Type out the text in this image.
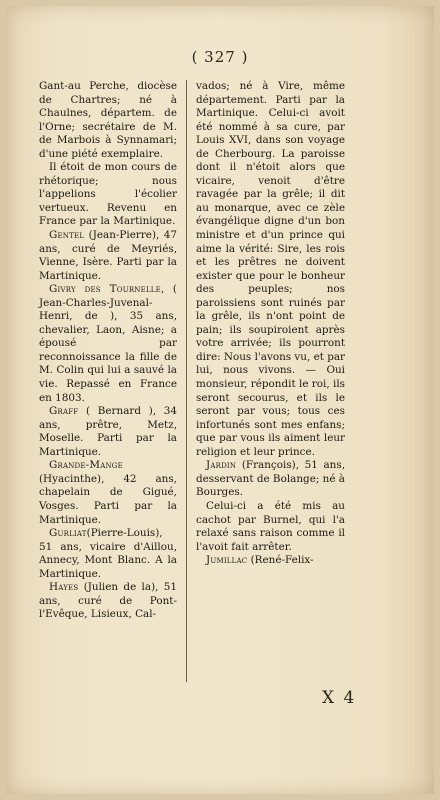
( 327 )

Gant-au Perche, diocèse de Chartres; né à Chaulnes, départem. de l'Orne; secrétaire de M. de Marbois à Synnamari; d'une piété exemplaire.

Il étoit de mon cours de rhétorique; nous l'appelions l'écolier vertueux. Revenu en France par la Martinique.

Gentel (Jean-Pierre), 47 ans, curé de Meyriés, Vienne, Isère. Parti par la Martinique.

Givry des Tournelle, ( Jean-Charles-Juvenal-Henri, de ), 35 ans, chevalier, Laon, Aisne; a épousé par reconnoissance la fille de M. Colin qui lui a sauvé la vie. Repassé en France en 1803.

Graff ( Bernard ), 34 ans, prêtre, Metz, Moselle. Parti par la Martinique.

Grande-Mange (Hyacinthe), 42 ans, chapelain de Gigué, Vosges. Parti par la Martinique.

Gurliat(Pierre-Louis), 51 ans, vicaire d'Aillou, Annecy, Mont Blanc. A la Martinique.

Hayes (Julien de la), 51 ans, curé de Pont-l'Evêque, Lisieux, Cal-

vados; né à Vire, même département. Parti par la Martinique. Celui-ci avoit été nommé à sa cure, par Louis XVI, dans son voyage de Cherbourg. La paroisse dont il n'étoit alors que vicaire, venoit d'être ravagée par la grêle; il dit au monarque, avec ce zèle évangélique digne d'un bon ministre et d'un prince qui aime la vérité: Sire, les rois et les prêtres ne doivent exister que pour le bonheur des peuples; nos paroissiens sont ruinés par la grêle, ils n'ont point de pain; ils soupiroient après votre arrivée; ils pourront dire: Nous l'avons vu, et par lui, nous vivons. — Oui monsieur, répondit le roi, ils seront secourus, et ils le seront par vous; tous ces infortunés sont mes enfans; que par vous ils aiment leur religion et leur prince.

Jardin (François), 51 ans, desservant de Bolange; né à Bourges.

Celui-ci a été mis au cachot par Burnel, qui l'a relaxé sans raison comme il l'avoit fait arrêter.

Jumillac (René-Felix-

X 4
